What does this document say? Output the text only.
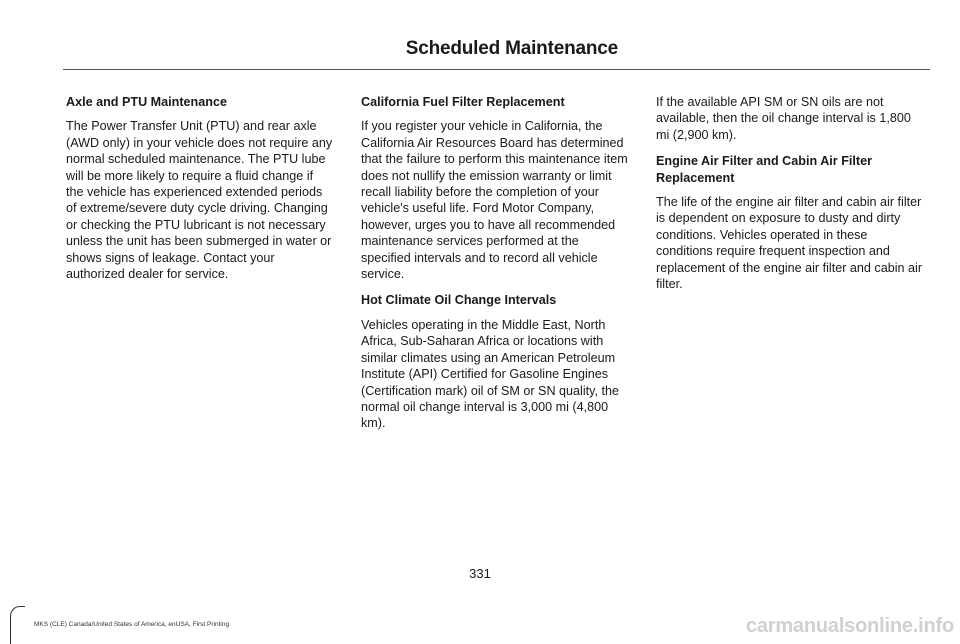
Scheduled Maintenance
Axle and PTU Maintenance

The Power Transfer Unit (PTU) and rear axle (AWD only) in your vehicle does not require any normal scheduled maintenance. The PTU lube will be more likely to require a fluid change if the vehicle has experienced extended periods of extreme/severe duty cycle driving. Changing or checking the PTU lubricant is not necessary unless the unit has been submerged in water or shows signs of leakage. Contact your authorized dealer for service.

California Fuel Filter Replacement

If you register your vehicle in California, the California Air Resources Board has determined that the failure to perform this maintenance item does not nullify the emission warranty or limit recall liability before the completion of your vehicle's useful life. Ford Motor Company, however, urges you to have all recommended maintenance services performed at the specified intervals and to record all vehicle service.

Hot Climate Oil Change Intervals

Vehicles operating in the Middle East, North Africa, Sub-Saharan Africa or locations with similar climates using an American Petroleum Institute (API) Certified for Gasoline Engines (Certification mark) oil of SM or SN quality, the normal oil change interval is 3,000 mi (4,800 km).

If the available API SM or SN oils are not available, then the oil change interval is 1,800 mi (2,900 km).

Engine Air Filter and Cabin Air Filter Replacement

The life of the engine air filter and cabin air filter is dependent on exposure to dusty and dirty conditions. Vehicles operated in these conditions require frequent inspection and replacement of the engine air filter and cabin air filter.

331
MKS (CLE) Canada/United States of America, enUSA, First Printing	carmanualsonline.info
